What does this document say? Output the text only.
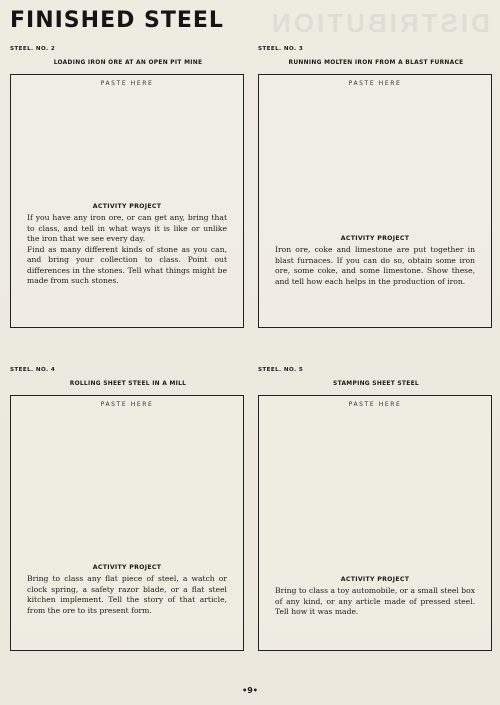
DISTRIBUTION
FINISHED STEEL
STEEL. NO. 2
LOADING IRON ORE AT AN OPEN PIT MINE
PASTE HERE
ACTIVITY PROJECT
If you have any iron ore, or can get any, bring that to class, and tell in what ways it is like or unlike the iron that we see every day.
Find as many different kinds of stone as you can, and bring your collection to class. Point out differences in the stones. Tell what things might be made from such stones.
STEEL. NO. 3
RUNNING MOLTEN IRON FROM A BLAST FURNACE
PASTE HERE
ACTIVITY PROJECT
Iron ore, coke and limestone are put together in blast furnaces. If you can do so, obtain some iron ore, some coke, and some limestone. Show these, and tell how each helps in the production of iron.
STEEL. NO. 4
ROLLING SHEET STEEL IN A MILL
PASTE HERE
ACTIVITY PROJECT
Bring to class any flat piece of steel, a watch or clock spring, a safety razor blade, or a flat steel kitchen implement. Tell the story of that article, from the ore to its present form.
STEEL. NO. 5
STAMPING SHEET STEEL
PASTE HERE
ACTIVITY PROJECT
Bring to class a toy automobile, or a small steel box of any kind, or any article made of pressed steel. Tell how it was made.
•9•
